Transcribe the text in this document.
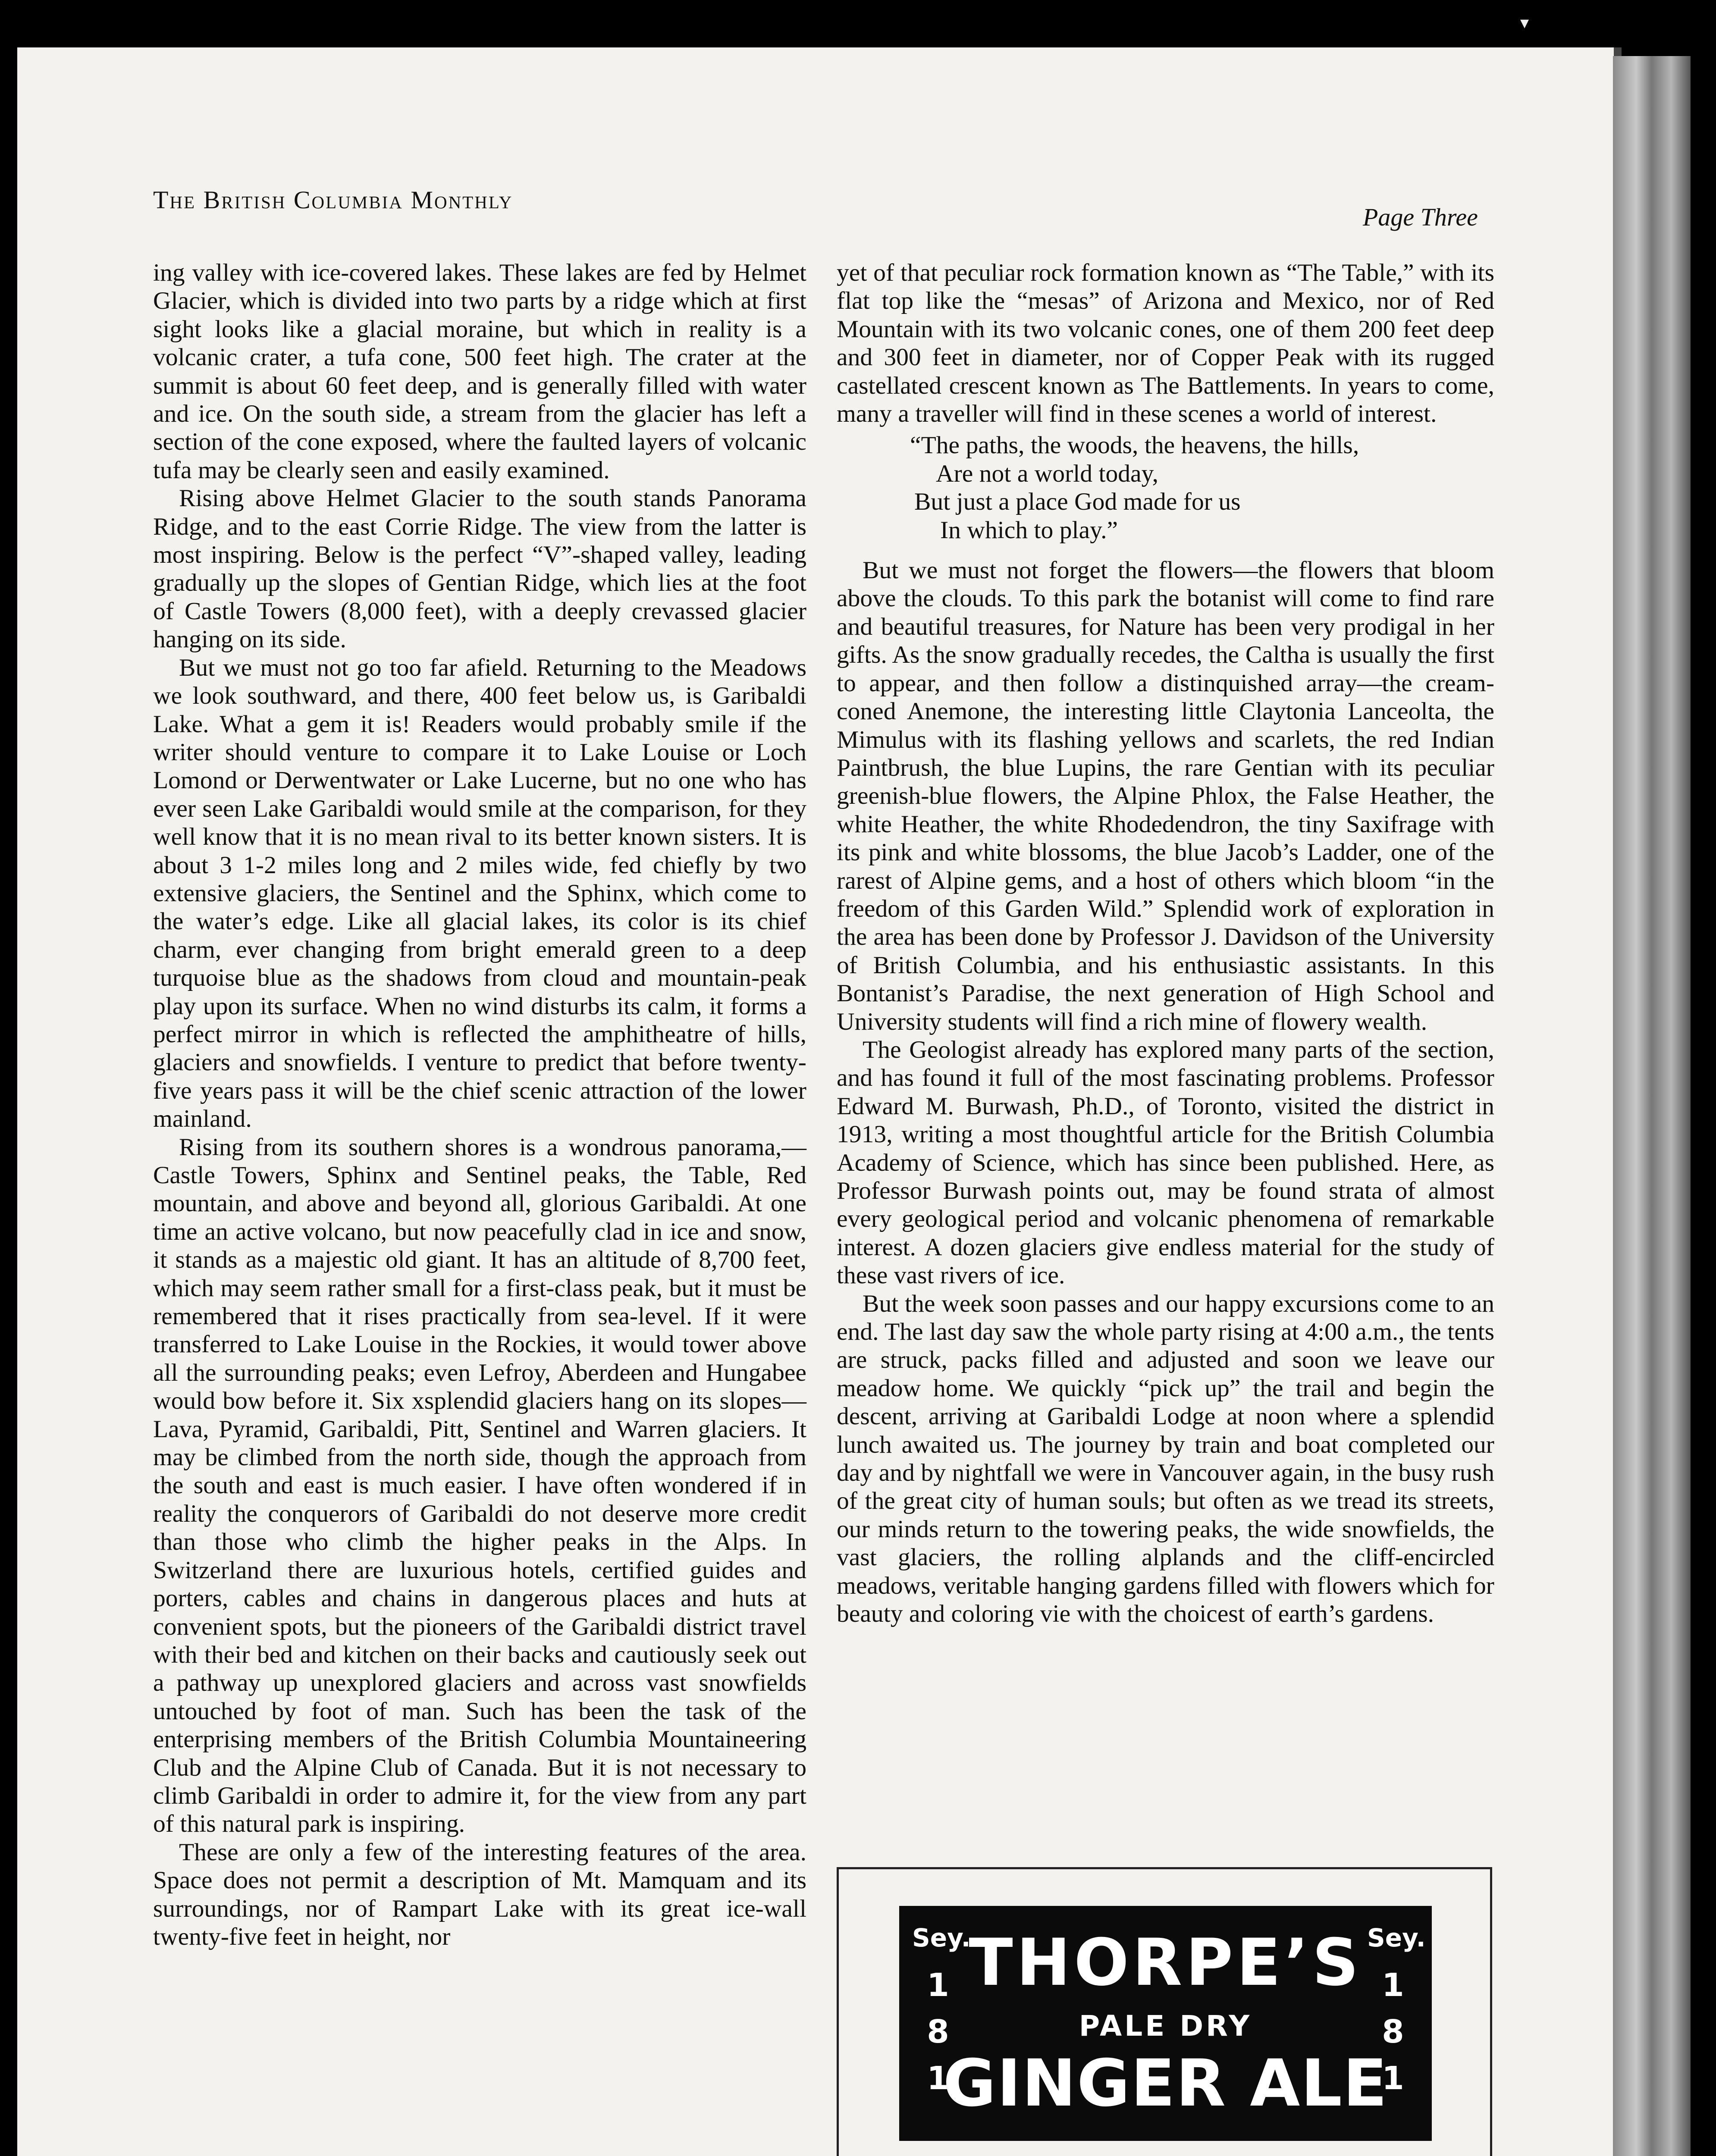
▾
The British Columbia Monthly
Page Three

ing valley with ice-covered lakes. These lakes are fed by Helmet Glacier, which is divided into two parts by a ridge which at first sight looks like a glacial moraine, but which in reality is a volcanic crater, a tufa cone, 500 feet high. The crater at the summit is about 60 feet deep, and is generally filled with water and ice. On the south side, a stream from the glacier has left a section of the cone exposed, where the faulted layers of volcanic tufa may be clearly seen and easily examined.

Rising above Helmet Glacier to the south stands Panorama Ridge, and to the east Corrie Ridge. The view from the latter is most inspiring. Below is the perfect “V”-shaped valley, leading gradually up the slopes of Gentian Ridge, which lies at the foot of Castle Towers (8,000 feet), with a deeply crevassed glacier hanging on its side.

But we must not go too far afield. Returning to the Meadows we look southward, and there, 400 feet below us, is Garibaldi Lake. What a gem it is! Readers would probably smile if the writer should venture to compare it to Lake Louise or Loch Lomond or Derwentwater or Lake Lucerne, but no one who has ever seen Lake Garibaldi would smile at the comparison, for they well know that it is no mean rival to its better known sisters. It is about 3 1-2 miles long and 2 miles wide, fed chiefly by two extensive glaciers, the Sentinel and the Sphinx, which come to the water’s edge. Like all glacial lakes, its color is its chief charm, ever changing from bright emerald green to a deep turquoise blue as the shadows from cloud and mountain-peak play upon its surface. When no wind disturbs its calm, it forms a perfect mirror in which is reflected the amphitheatre of hills, glaciers and snowfields. I venture to predict that before twenty-five years pass it will be the chief scenic attraction of the lower mainland.

Rising from its southern shores is a wondrous panorama,—Castle Towers, Sphinx and Sentinel peaks, the Table, Red mountain, and above and beyond all, glorious Garibaldi. At one time an active volcano, but now peacefully clad in ice and snow, it stands as a majestic old giant. It has an altitude of 8,700 feet, which may seem rather small for a first-class peak, but it must be remembered that it rises practically from sea-level. If it were transferred to Lake Louise in the Rockies, it would tower above all the surrounding peaks; even Lefroy, Aberdeen and Hungabee would bow before it. Six xsplendid glaciers hang on its slopes—Lava, Pyramid, Garibaldi, Pitt, Sentinel and Warren glaciers. It may be climbed from the north side, though the approach from the south and east is much easier. I have often wondered if in reality the conquerors of Garibaldi do not deserve more credit than those who climb the higher peaks in the Alps. In Switzerland there are luxurious hotels, certified guides and porters, cables and chains in dangerous places and huts at convenient spots, but the pioneers of the Garibaldi district travel with their bed and kitchen on their backs and cautiously seek out a pathway up unexplored glaciers and across vast snowfields untouched by foot of man. Such has been the task of the enterprising members of the British Columbia Mountaineering Club and the Alpine Club of Canada. But it is not necessary to climb Garibaldi in order to admire it, for the view from any part of this natural park is inspiring.

These are only a few of the interesting features of the area. Space does not permit a description of Mt. Mamquam and its surroundings, nor of Rampart Lake with its great ice-wall twenty-five feet in height, nor

yet of that peculiar rock formation known as “The Table,” with its flat top like the “mesas” of Arizona and Mexico, nor of Red Mountain with its two volcanic cones, one of them 200 feet deep and 300 feet in diameter, nor of Copper Peak with its rugged castellated crescent known as The Battlements. In years to come, many a traveller will find in these scenes a world of interest.

“The paths, the woods, the heavens, the hills,
Are not a world today,
But just a place God made for us
In which to play.”

But we must not forget the flowers—the flowers that bloom above the clouds. To this park the botanist will come to find rare and beautiful treasures, for Nature has been very prodigal in her gifts. As the snow gradually recedes, the Caltha is usually the first to appear, and then follow a distinquished array—the cream-coned Anemone, the interesting little Claytonia Lanceolta, the Mimulus with its flashing yellows and scarlets, the red Indian Paintbrush, the blue Lupins, the rare Gentian with its peculiar greenish-blue flowers, the Alpine Phlox, the False Heather, the white Heather, the white Rhodedendron, the tiny Saxifrage with its pink and white blossoms, the blue Jacob’s Ladder, one of the rarest of Alpine gems, and a host of others which bloom “in the freedom of this Garden Wild.” Splendid work of exploration in the area has been done by Professor J. Davidson of the University of British Columbia, and his enthusiastic assistants. In this Bontanist’s Paradise, the next generation of High School and University students will find a rich mine of flowery wealth.

The Geologist already has explored many parts of the section, and has found it full of the most fascinating problems. Professor Edward M. Burwash, Ph.D., of Toronto, visited the district in 1913, writing a most thoughtful article for the British Columbia Academy of Science, which has since been published. Here, as Professor Burwash points out, may be found strata of almost every geological period and volcanic phenomena of remarkable interest. A dozen glaciers give endless material for the study of these vast rivers of ice.

But the week soon passes and our happy excursions come to an end. The last day saw the whole party rising at 4:00 a.m., the tents are struck, packs filled and adjusted and soon we leave our meadow home. We quickly “pick up” the trail and begin the descent, arriving at Garibaldi Lodge at noon where a splendid lunch awaited us. The journey by train and boat completed our day and by nightfall we were in Vancouver again, in the busy rush of the great city of human souls; but often as we tread its streets, our minds return to the towering peaks, the wide snowfields, the vast glaciers, the rolling alplands and the cliff-encircled meadows, veritable hanging gardens filled with flowers which for beauty and coloring vie with the choicest of earth’s gardens.

Sey.
1
8
1
THORPE’S
PALE DRY
GINGER ALE
Sey.
1
8
1
